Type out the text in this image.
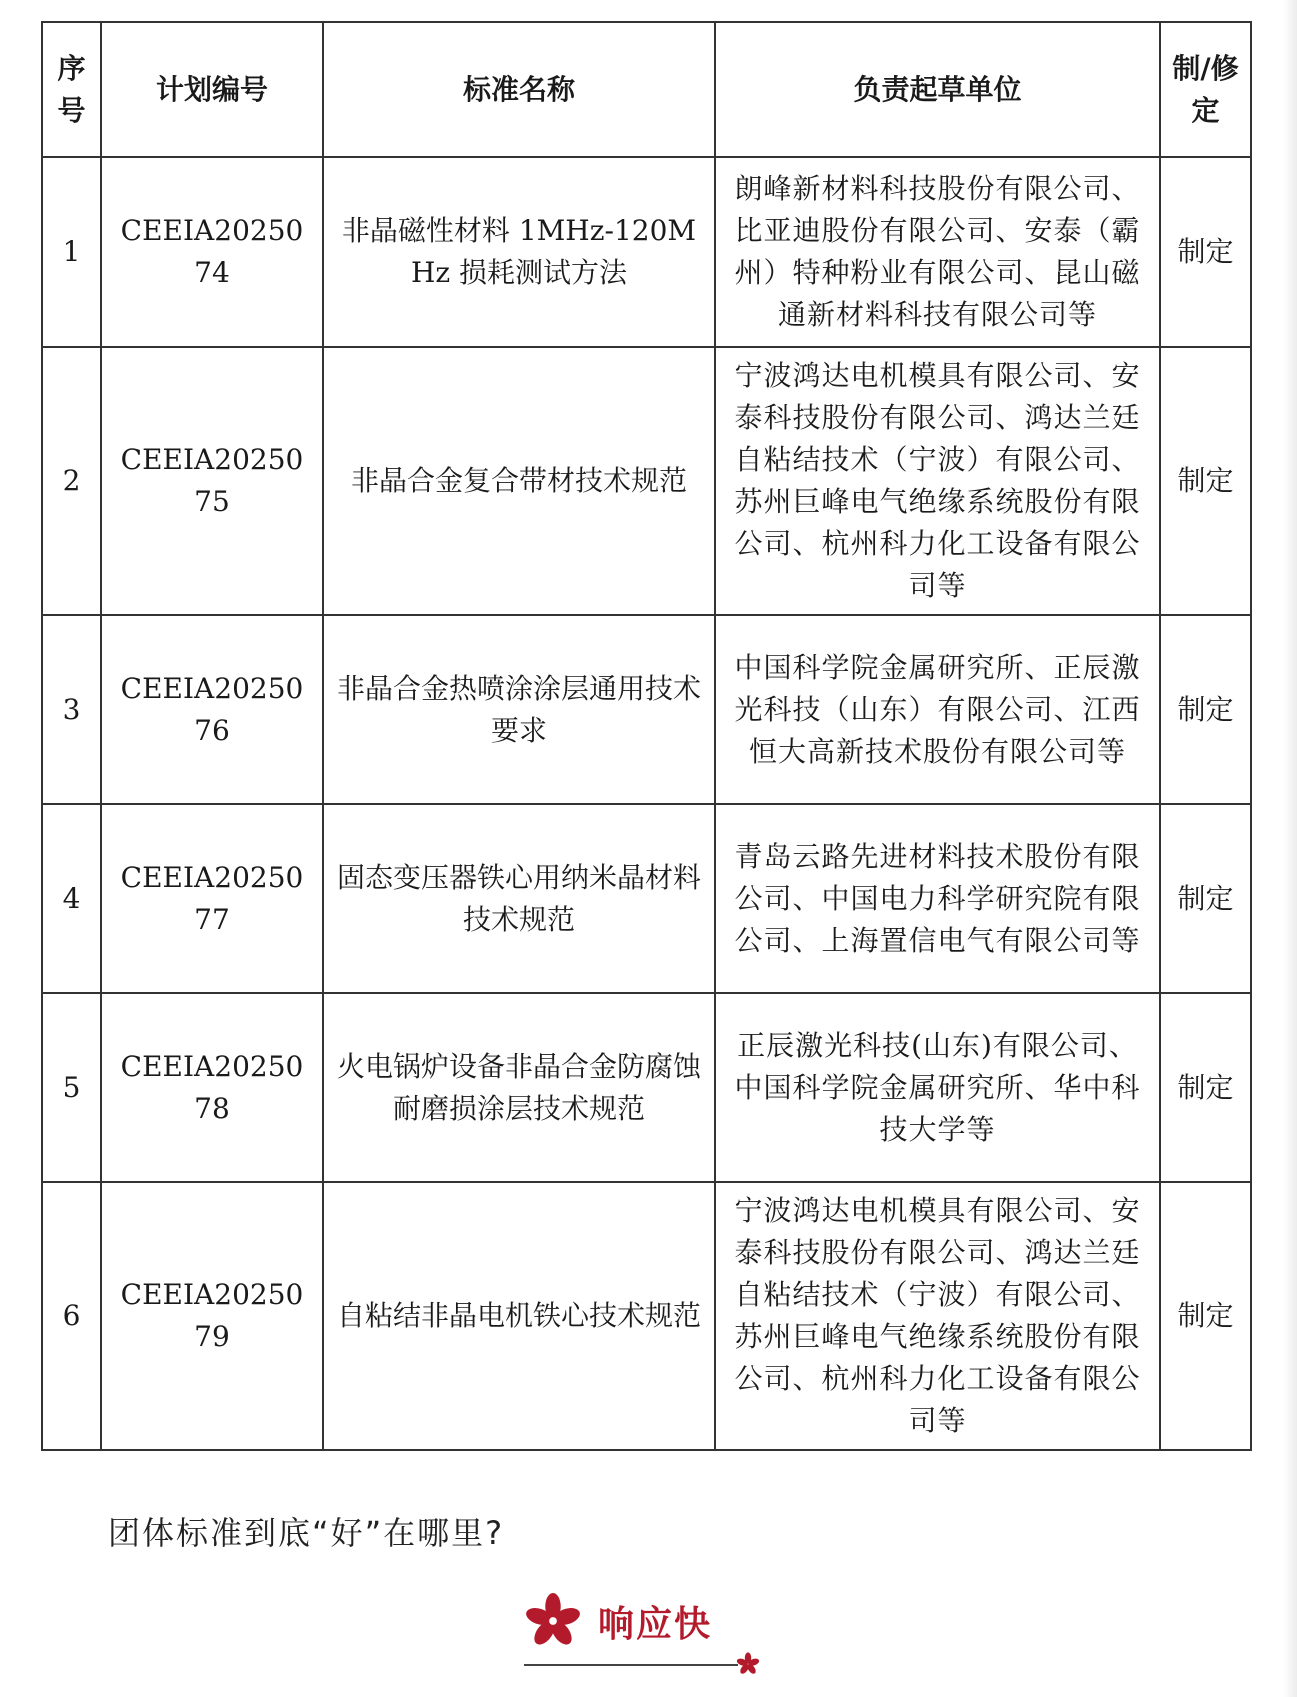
序号	计划编号	标准名称	负责起草单位	制/修定
1	CEEIA2025074	非晶磁性材料 1MHz-120MHz 损耗测试方法	朗峰新材料科技股份有限公司、比亚迪股份有限公司、安泰（霸州）特种粉业有限公司、昆山磁通新材料科技有限公司等	制定
2	CEEIA2025075	非晶合金复合带材技术规范	宁波鸿达电机模具有限公司、安泰科技股份有限公司、鸿达兰廷自粘结技术（宁波）有限公司、苏州巨峰电气绝缘系统股份有限公司、杭州科力化工设备有限公司等	制定
3	CEEIA2025076	非晶合金热喷涂涂层通用技术要求	中国科学院金属研究所、正辰激光科技（山东）有限公司、江西恒大高新技术股份有限公司等	制定
4	CEEIA2025077	固态变压器铁心用纳米晶材料技术规范	青岛云路先进材料技术股份有限公司、中国电力科学研究院有限公司、上海置信电气有限公司等	制定
5	CEEIA2025078	火电锅炉设备非晶合金防腐蚀耐磨损涂层技术规范	正辰激光科技(山东)有限公司、中国科学院金属研究所、华中科技大学等	制定
6	CEEIA2025079	自粘结非晶电机铁心技术规范	宁波鸿达电机模具有限公司、安泰科技股份有限公司、鸿达兰廷自粘结技术（宁波）有限公司、苏州巨峰电气绝缘系统股份有限公司、杭州科力化工设备有限公司等	制定
团体标准到底“好”在哪里?
响应快
